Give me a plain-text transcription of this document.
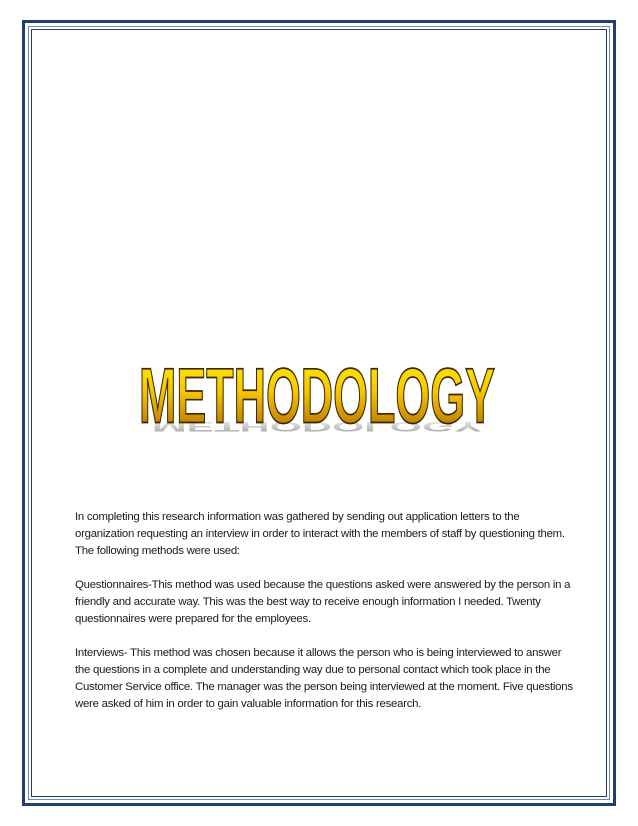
METHODOLOGY
METHODOLOGY

In completing this research information was gathered by sending out application letters to the
organization requesting an interview in order to interact with the members of staff by questioning them.
The following methods were used:

Questionnaires-This method was used because the questions asked were answered by the person in a
friendly and accurate way. This was the best way to receive enough information I needed. Twenty
questionnaires were prepared for the employees.

Interviews- This method was chosen because it allows the person who is being interviewed to answer
the questions in a complete and understanding way due to personal contact which took place in the
Customer Service office. The manager was the person being interviewed at the moment. Five questions
were asked of him in order to gain valuable information for this research.
